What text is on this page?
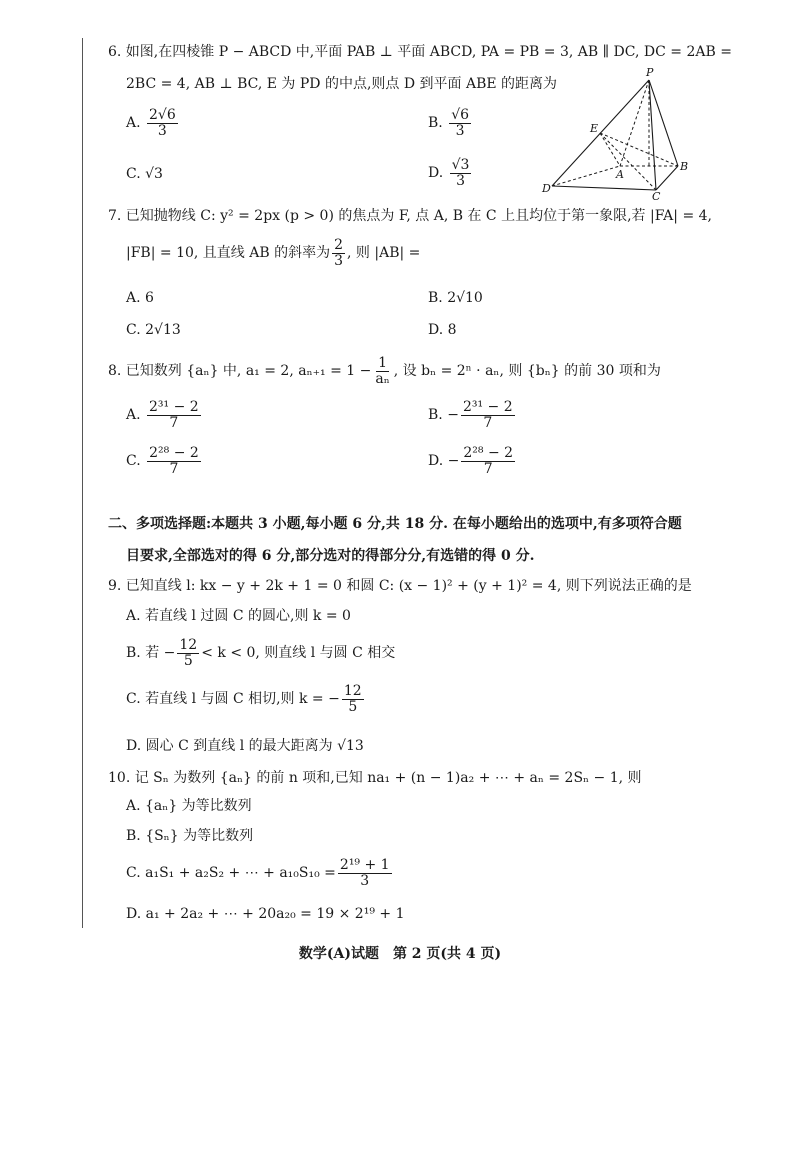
6. 如图,在四棱锥 P − ABCD 中,平面 PAB ⊥ 平面 ABCD, PA = PB = 3, AB ∥ DC, DC = 2AB =
2BC = 4, AB ⊥ BC, E 为 PD 的中点,则点 D 到平面 ABE 的距离为
A. $\frac{2√6}{3}$	B. $\frac{√6}{3}$
C. √3	D. $\frac{√3}{3}$
P
E
A
B
C
D
7. 已知抛物线 C: y² = 2px (p > 0) 的焦点为 F, 点 A, B 在 C 上且均位于第一象限,若 |FA| = 4,
|FB| = 10, 且直线 AB 的斜率为 $\frac{2}{3}$ , 则 |AB| =
A. 6	B. 2√10
C. 2√13	D. 8
8. 已知数列 {aₙ} 中, a₁ = 2, $a_{n+1} = 1 - \frac{1}{\text{aₙ}}$ , 设 bₙ = 2ⁿ · aₙ, 则 {bₙ} 的前 30 项和为
A. $\frac{\text{2³¹ − 2}}{7}$	B. − $\frac{\text{2³¹ − 2}}{7}$
C. $\frac{\text{2²⁸ − 2}}{7}$	D. − $\frac{\text{2²⁸ − 2}}{7}$
二、多项选择题:本题共 3 小题,每小题 6 分,共 18 分. 在每小题给出的选项中,有多项符合题
目要求,全部选对的得 6 分,部分选对的得部分分,有选错的得 0 分.
9. 已知直线 l: kx − y + 2k + 1 = 0 和圆 C: (x − 1)² + (y + 1)² = 4, 则下列说法正确的是
A. 若直线 l 过圆 C 的圆心,则 k = 0
B. 若 − $\frac{12}{5} < k < 0$, 则直线 l 与圆 C 相交
C. 若直线 l 与圆 C 相切,则 k = − $\frac{12}{5}$
D. 圆心 C 到直线 l 的最大距离为 √13
10. 记 Sₙ 为数列 {aₙ} 的前 n 项和,已知 na₁ + (n − 1)a₂ + ⋯ + aₙ = 2Sₙ − 1, 则
A. {aₙ} 为等比数列
B. {Sₙ} 为等比数列
C. a₁S₁ + a₂S₂ + ⋯ + $a_{10}S_{10} = \frac{\text{2¹⁹ + 1}}{3}$
D. a₁ + 2a₂ + ⋯ + 20a₂₀ = 19 × 2¹⁹ + 1
数学(A)试题　第 2 页(共 4 页)
